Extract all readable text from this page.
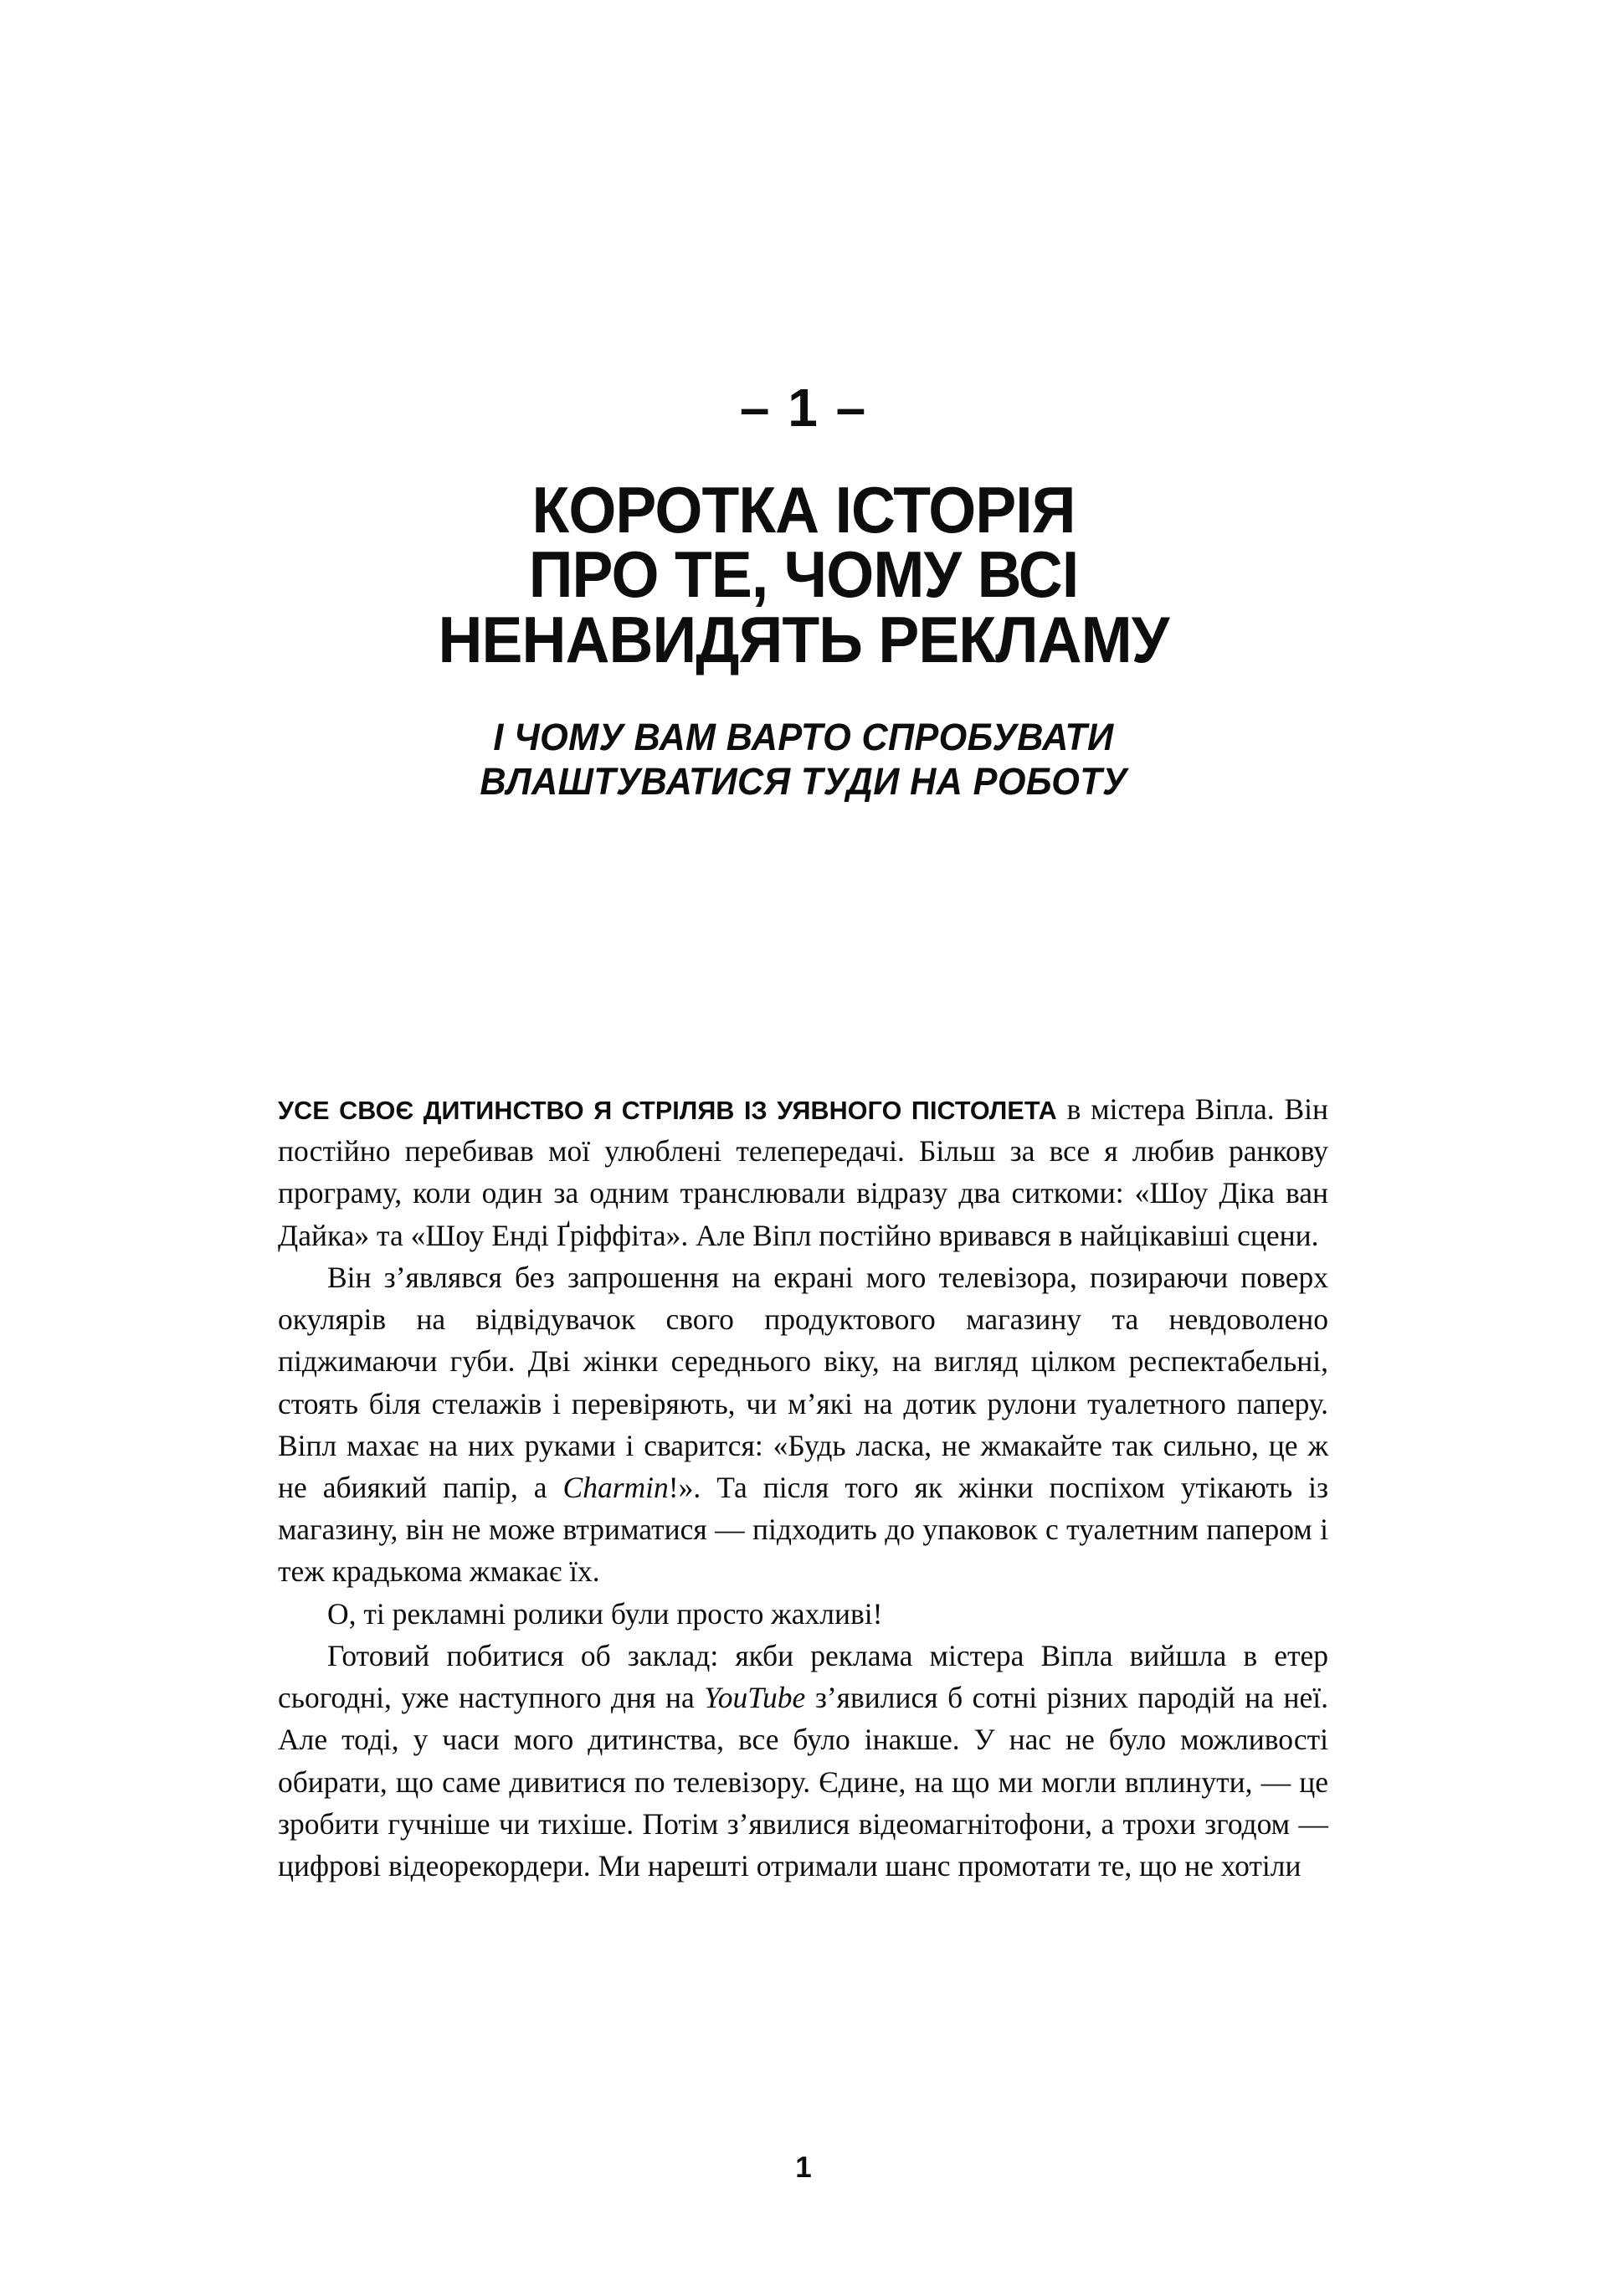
– 1 –
КОРОТКА ІСТОРІЯ
ПРО ТЕ, ЧОМУ ВСІ
НЕНАВИДЯТЬ РЕКЛАМУ
І ЧОМУ ВАМ ВАРТО СПРОБУВАТИ
ВЛАШТУВАТИСЯ ТУДИ НА РОБОТУ

УСЕ СВОЄ ДИТИНСТВО Я СТРІЛЯВ ІЗ УЯВНОГО ПІСТОЛЕТА в містера Віпла. Він постійно перебивав мої улюблені телепередачі. Більш за все я любив ранкову програму, коли один за одним транслювали відразу два ситкоми: «Шоу Діка ван Дайка» та «Шоу Енді Ґріффіта». Але Віпл постійно вривався в найцікавіші сцени.

Він з’являвся без запрошення на екрані мого телевізора, позираючи поверх окулярів на відвідувачок свого продуктового магазину та невдоволено піджимаючи губи. Дві жінки середнього віку, на вигляд цілком респектабельні, стоять біля стелажів і перевіряють, чи м’які на дотик рулони туалетного паперу. Віпл махає на них руками і сварится: «Будь ласка, не жмакайте так сильно, це ж не абиякий папір, а Charmin!». Та після того як жінки поспіхом утікають із магазину, він не може втриматися — підходить до упаковок с туалетним папером і теж крадькома жмакає їх.

О, ті рекламні ролики були просто жахливі!

Готовий побитися об заклад: якби реклама містера Віпла вийшла в етер сьогодні, уже наступного дня на YouTube з’явилися б сотні різних пародій на неї. Але тоді, у часи мого дитинства, все було інакше. У нас не було можливості обирати, що саме дивитися по телевізору. Єдине, на що ми могли вплинути, — це зробити гучніше чи тихіше. Потім з’явилися відеомагнітофони, а трохи згодом — цифрові відеорекордери. Ми нарешті отримали шанс промотати те, що не хотіли

1
